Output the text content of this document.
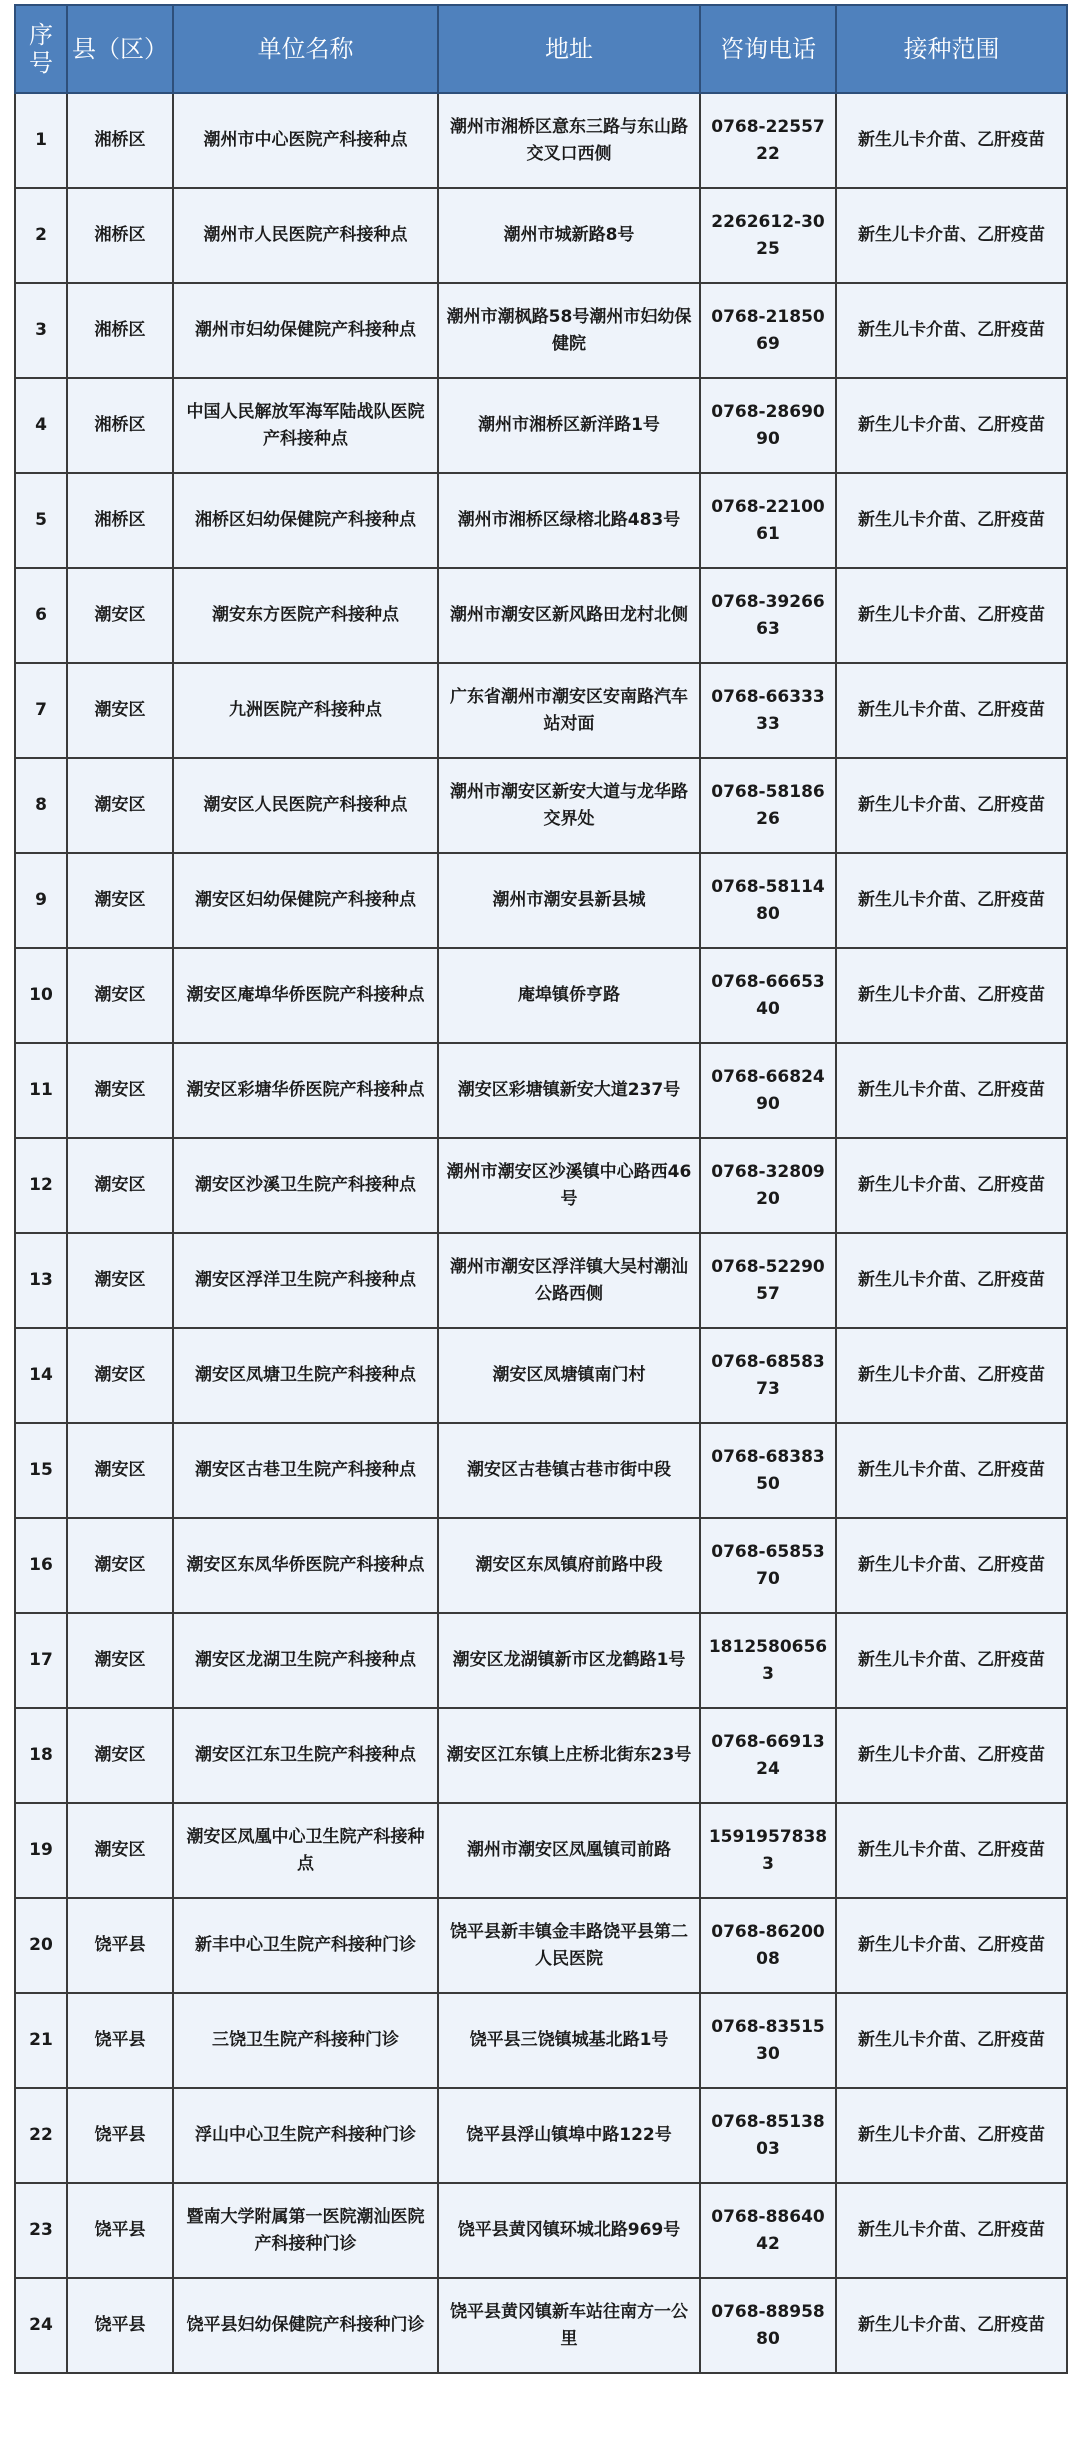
序号	县（区）	单位名称	地址	咨询电话	接种范围
1	湘桥区	潮州市中心医院产科接种点	潮州市湘桥区意东三路与东山路交叉口西侧	0768-2255722	新生儿卡介苗、乙肝疫苗
2	湘桥区	潮州市人民医院产科接种点	潮州市城新路8号	2262612-3025	新生儿卡介苗、乙肝疫苗
3	湘桥区	潮州市妇幼保健院产科接种点	潮州市潮枫路58号潮州市妇幼保健院	0768-2185069	新生儿卡介苗、乙肝疫苗
4	湘桥区	中国人民解放军海军陆战队医院产科接种点	潮州市湘桥区新洋路1号	0768-2869090	新生儿卡介苗、乙肝疫苗
5	湘桥区	湘桥区妇幼保健院产科接种点	潮州市湘桥区绿榕北路483号	0768-2210061	新生儿卡介苗、乙肝疫苗
6	潮安区	潮安东方医院产科接种点	潮州市潮安区新风路田龙村北侧	0768-3926663	新生儿卡介苗、乙肝疫苗
7	潮安区	九洲医院产科接种点	广东省潮州市潮安区安南路汽车站对面	0768-6633333	新生儿卡介苗、乙肝疫苗
8	潮安区	潮安区人民医院产科接种点	潮州市潮安区新安大道与龙华路交界处	0768-5818626	新生儿卡介苗、乙肝疫苗
9	潮安区	潮安区妇幼保健院产科接种点	潮州市潮安县新县城	0768-5811480	新生儿卡介苗、乙肝疫苗
10	潮安区	潮安区庵埠华侨医院产科接种点	庵埠镇侨亨路	0768-6665340	新生儿卡介苗、乙肝疫苗
11	潮安区	潮安区彩塘华侨医院产科接种点	潮安区彩塘镇新安大道237号	0768-6682490	新生儿卡介苗、乙肝疫苗
12	潮安区	潮安区沙溪卫生院产科接种点	潮州市潮安区沙溪镇中心路西46号	0768-3280920	新生儿卡介苗、乙肝疫苗
13	潮安区	潮安区浮洋卫生院产科接种点	潮州市潮安区浮洋镇大吴村潮汕公路西侧	0768-5229057	新生儿卡介苗、乙肝疫苗
14	潮安区	潮安区凤塘卫生院产科接种点	潮安区凤塘镇南门村	0768-6858373	新生儿卡介苗、乙肝疫苗
15	潮安区	潮安区古巷卫生院产科接种点	潮安区古巷镇古巷市街中段	0768-6838350	新生儿卡介苗、乙肝疫苗
16	潮安区	潮安区东凤华侨医院产科接种点	潮安区东凤镇府前路中段	0768-6585370	新生儿卡介苗、乙肝疫苗
17	潮安区	潮安区龙湖卫生院产科接种点	潮安区龙湖镇新市区龙鹤路1号	18125806563	新生儿卡介苗、乙肝疫苗
18	潮安区	潮安区江东卫生院产科接种点	潮安区江东镇上庄桥北街东23号	0768-6691324	新生儿卡介苗、乙肝疫苗
19	潮安区	潮安区凤凰中心卫生院产科接种点	潮州市潮安区凤凰镇司前路	15919578383	新生儿卡介苗、乙肝疫苗
20	饶平县	新丰中心卫生院产科接种门诊	饶平县新丰镇金丰路饶平县第二人民医院	0768-8620008	新生儿卡介苗、乙肝疫苗
21	饶平县	三饶卫生院产科接种门诊	饶平县三饶镇城基北路1号	0768-8351530	新生儿卡介苗、乙肝疫苗
22	饶平县	浮山中心卫生院产科接种门诊	饶平县浮山镇埠中路122号	0768-8513803	新生儿卡介苗、乙肝疫苗
23	饶平县	暨南大学附属第一医院潮汕医院产科接种门诊	饶平县黄冈镇环城北路969号	0768-8864042	新生儿卡介苗、乙肝疫苗
24	饶平县	饶平县妇幼保健院产科接种门诊	饶平县黄冈镇新车站往南方一公里	0768-8895880	新生儿卡介苗、乙肝疫苗
